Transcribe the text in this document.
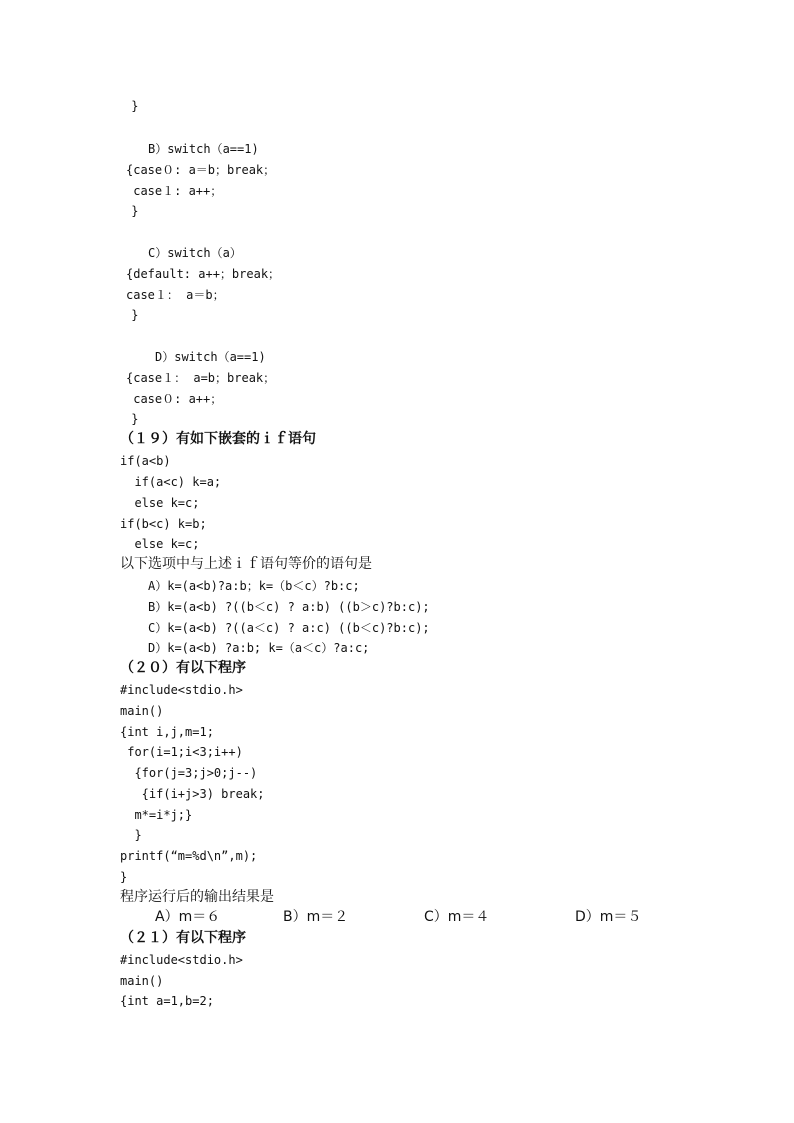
}
B）switch（a==1)
{case０: a＝b；break；
case１: a++；
}
C）switch（a）
{default: a++；break；
case１： a＝b；
}
D）switch（a==1)
{case１： a=b；break；
case０: a++；
}
（１９）有如下嵌套的ｉｆ语句
if(a<b)
if(a<c) k=a;
else k=c;
if(b<c) k=b;
else k=c;
以下选项中与上述ｉｆ语句等价的语句是
A）k=(a<b)?a:b；k=（b＜c）?b:c;
B）k=(a<b) ?((b＜c) ? a:b) ((b＞c)?b:c);
C）k=(a<b) ?((a＜c) ? a:c) ((b＜c)?b:c);
D）k=(a<b) ?a:b; k=（a＜c）?a:c;
（２０）有以下程序
#include<stdio.h>
main()
{int i,j,m=1;
for(i=1;i<3;i++)
{for(j=3;j>0;j--)
{if(i+j>3) break;
m*=i*j;}
}
printf(“m=%d\n”,m);
}
程序运行后的输出结果是
A）m＝６	B）m＝２	C）m＝４	D）m＝５
（２１）有以下程序
#include<stdio.h>
main()
{int a=1,b=2;
